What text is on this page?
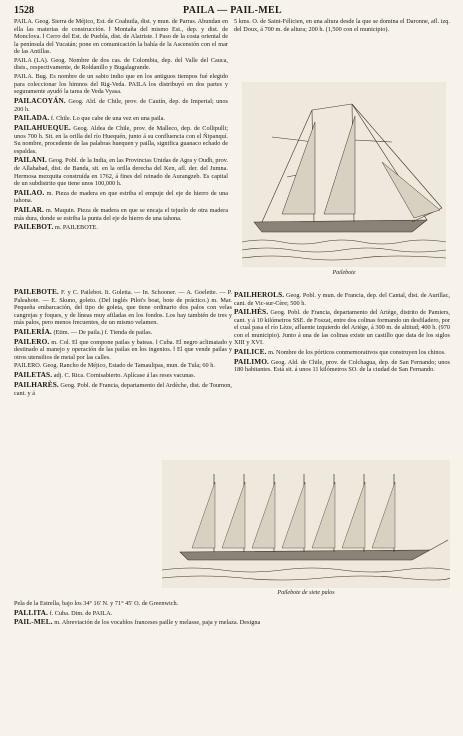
1528	PAILA — PAIL-MEL

PAILA. Geog. Sierra de Méjico, Est. de Coahuila, dist. y mun. de Parras. Abundan en ella las materias de construcción. ‖ Montaña del mismo Est., dep. y dist. de Monclova. ‖ Cerro del Est. de Puebla, dist. de Alatriste. ‖ Paso de la costa oriental de la península del Yucatán; pone en comunicación la bahía de la Ascensión con el mar de las Antillas.

PAILA (LA). Geog. Nombre de dos cas. de Colombia, dep. del Valle del Cauca, dists., respectivamente, de Roldanillo y Bugalagrande.

PAILA. Bug. Es nombre de un sabio indio que en los antiguos tiempos fué elegido para coleccionar los himnos del Rig-Veda. PAILA los distribuyó en dos partes y seguramente ayudó la tarea de Veda Vyasa.

PAILACOYÁN. Geog. Ald. de Chile, prov. de Cautín, dep. de Imperial; unos 200 h.

PAILADA. f. Chile. Lo que cabe de una vez en una paila.

PAILAHUEQUE. Geog. Aldea de Chile, prov. de Malleco, dep. de Collipulli; unos 700 h. Sit. en la orilla del río Huequén, junto á su confluencia con el Ñipanquí. Su nombre, procedente de las palabras huequen y pailla, significa guanaco echado de espaldas.

PAILANI. Geog. Pobl. de la India, en las Provincias Unidas de Agra y Oudh, prov. de Allahabad, dist. de Banda, sit. en la orilla derecha del Ken, afl. der. del Jumna. Hermosa mezquita construída en 1762, á fines del reinado de Aurangzeb. Es capital de un subdistrito que tiene unos 100,000 h.

PAILAO. m. Pieza de madera en que estriba el empuje del eje de hierro de una tahona.

PAILAR. m. Maquin. Pieza de madera en que se encaja el tejuelo de otra madera más dura, donde se estriba la punta del eje de hierro de una tahona.

PAILEBOT. m. PAILEBOTE.

5 kms. O. de Saint-Félicien, en una altura desde la que se domina el Daronne, afl. izq. del Doux, á 700 m. de altura; 200 h. (1,500 con el municipio).

Pailebote

PAILEBOTE. F. y C. Pailebot. It. Goletta. — In. Schooner. — A. Goelette. — P. Paleahote. — E. Skuno, goleto. (Del inglés Pilot's boat, bote de práctico.) m. Mar. Pequeña embarcación, del tipo de goleta, que tiene ordinario dos palos con velas cangrejas y foques, y de líneas muy afiladas en los fondos. Los hay también de tres y más palos, pero menos frecuentes, de un mismo velamen.

PAILERÍA. (Etim. — De paila.) f. Tienda de pailas.

PAILERO. m. Col. El que compone pailas y bateas. ‖ Cuba. El negro aclimatado y destinado al manejo y operación de las pailas en los ingenios. ‖ El que vende pailas y otros utensilios de metal por las calles.

PAILERO. Geog. Rancho de Méjico, Estado de Tamaulipas, mun. de Tula; 60 h.

PAILETAS. adj. C. Rica. Cornisabierto. Aplícase á las reses vacunas.

PAILHARÈS. Geog. Pobl. de Francia, departamento del Ardèche, dist. de Tournon, cant. y á

PAILHEROLS. Geog. Pobl. y mun. de Francia, dep. del Cantal, dist. de Aurillac, cant. de Vic-sur-Cère; 500 h.

PAILHÈS. Geog. Pobl. de Francia, departamento del Ariège, distrito de Pamiers, cant. y á 10 kilómetros SSE. de Foszat, entre dos colinas formando un desfiladero, por el cual pasa el río Lèze, afluente izquierdo del Ariège, á 300 m. de altitud; 400 h. (970 con el municipio). Junto á una de las colinas existe un castillo que data de los siglos XIII y XVI.

PAILICE. m. Nombre de los pórticos conmemorativos que construyen los chinos.

PAILIMO. Geog. Ald. de Chile, prov. de Colchagua, dep. de San Fernando; unos 180 habitantes. Está sit. á unos 11 kilómetros SO. de la ciudad de San Fernando.

Pailebote de siete palos

Pela de la Estrella, bajo los 34° 16' N. y 71° 45' O. de Greenwich.

PALLITA. f. Cuba. Dim. de PAILA.

PAIL-MEL. m. Abreviación de los vocablos franceses paille y melasse, paja y melaza. Designa
